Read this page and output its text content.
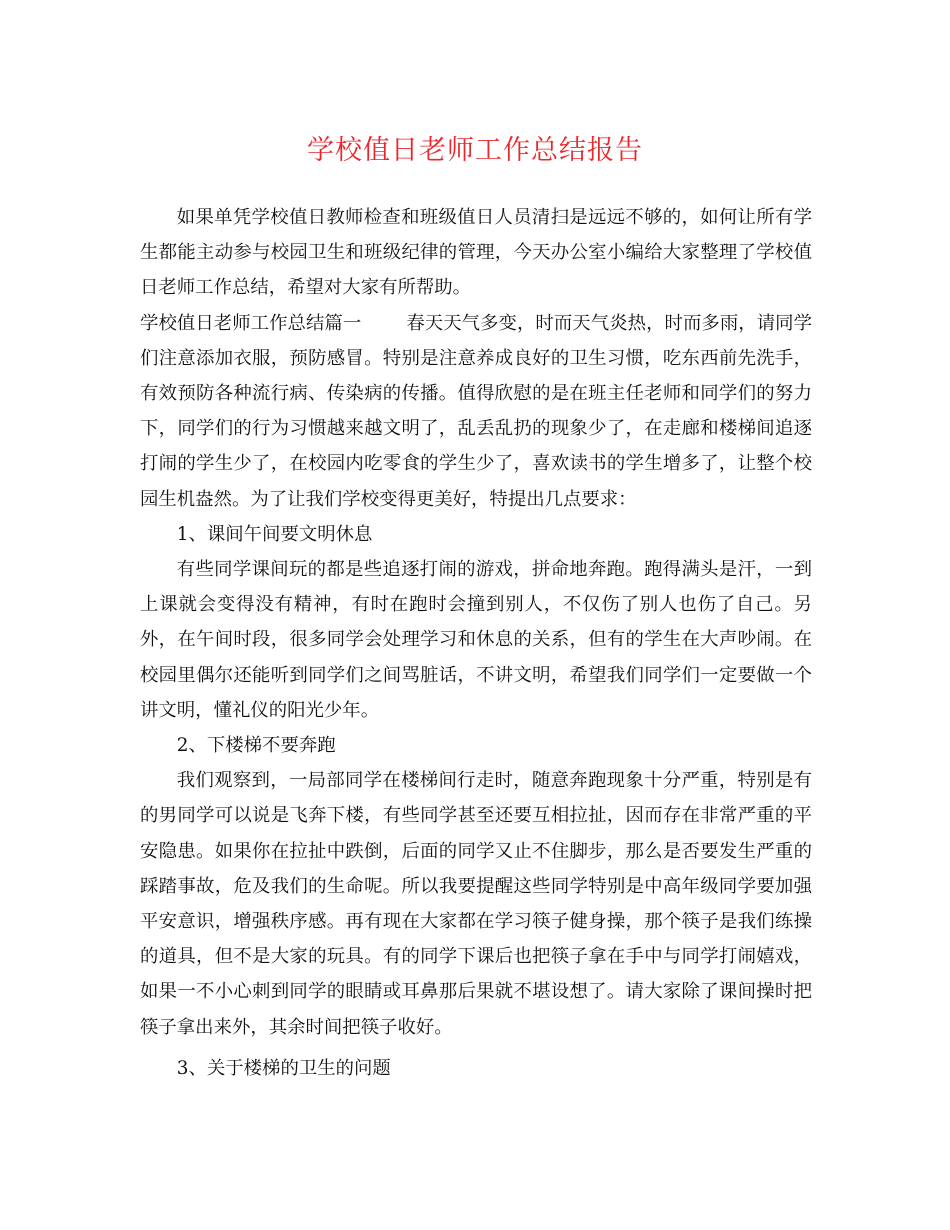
学校值日老师工作总结报告

如果单凭学校值日教师检查和班级值日人员清扫是远远不够的，如何让所有学生都能主动参与校园卫生和班级纪律的管理，今天办公室小编给大家整理了学校值日老师工作总结，希望对大家有所帮助。

学校值日老师工作总结篇一 春天天气多变，时而天气炎热，时而多雨，请同学们注意添加衣服，预防感冒。特别是注意养成良好的卫生习惯，吃东西前先洗手，有效预防各种流行病、传染病的传播。值得欣慰的是在班主任老师和同学们的努力下，同学们的行为习惯越来越文明了，乱丢乱扔的现象少了，在走廊和楼梯间追逐打闹的学生少了，在校园内吃零食的学生少了，喜欢读书的学生增多了，让整个校园生机盎然。为了让我们学校变得更美好，特提出几点要求：

1、课间午间要文明休息

有些同学课间玩的都是些追逐打闹的游戏，拼命地奔跑。跑得满头是汗，一到上课就会变得没有精神，有时在跑时会撞到别人，不仅伤了别人也伤了自己。另外，在午间时段，很多同学会处理学习和休息的关系，但有的学生在大声吵闹。在校园里偶尔还能听到同学们之间骂脏话，不讲文明，希望我们同学们一定要做一个讲文明，懂礼仪的阳光少年。

2、下楼梯不要奔跑

我们观察到，一局部同学在楼梯间行走时，随意奔跑现象十分严重，特别是有的男同学可以说是飞奔下楼，有些同学甚至还要互相拉扯，因而存在非常严重的平安隐患。如果你在拉扯中跌倒，后面的同学又止不住脚步，那么是否要发生严重的踩踏事故，危及我们的生命呢。所以我要提醒这些同学特别是中高年级同学要加强平安意识，增强秩序感。再有现在大家都在学习筷子健身操，那个筷子是我们练操的道具，但不是大家的玩具。有的同学下课后也把筷子拿在手中与同学打闹嬉戏，如果一不小心刺到同学的眼睛或耳鼻那后果就不堪设想了。请大家除了课间操时把筷子拿出来外，其余时间把筷子收好。

3、关于楼梯的卫生的问题
